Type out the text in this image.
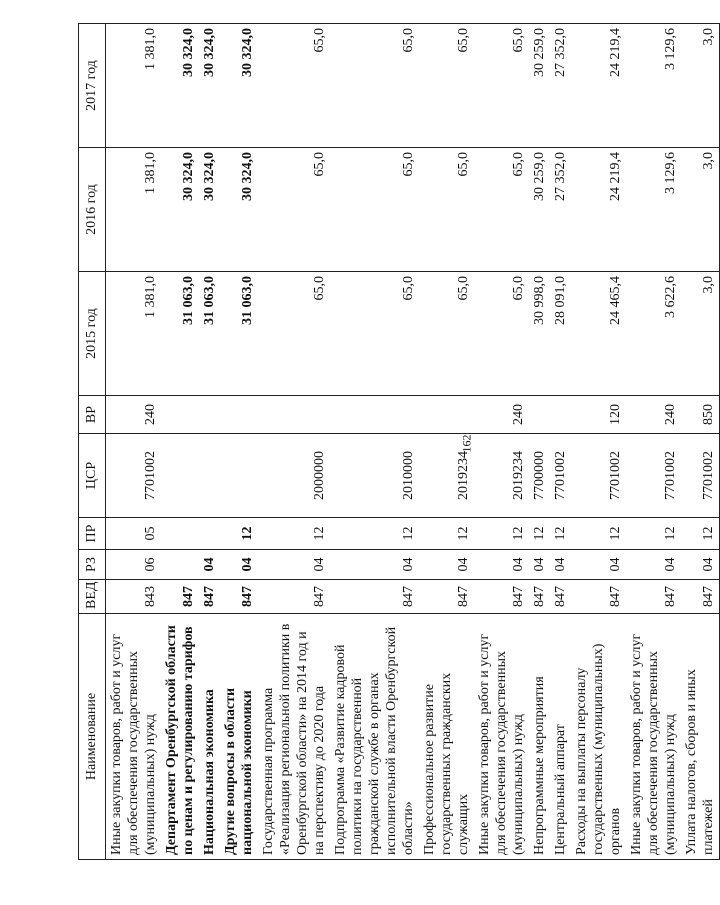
162
Наименование	ВЕД	РЗ	ПР	ЦСР	ВР	2015 год	2016 год	2017 год
Иные закупки товаров, работ и услуг для обеспечения государственных (муниципальных) нужд	843	06	05	7701002	240	1 381,0	1 381,0	1 381,0
Департамент Оренбургской области по ценам и регулированию тарифов	847					31 063,0	30 324,0	30 324,0
Национальная экономика	847	04				31 063,0	30 324,0	30 324,0
Другие вопросы в области национальной экономики	847	04	12			31 063,0	30 324,0	30 324,0
Государственная программа «Реализация региональной политики в Оренбургской области» на 2014 год и на перспективу до 2020 года	847	04	12	2000000		65,0	65,0	65,0
Подпрограмма «Развитие кадровой политики на государственной гражданской службе в органах исполнительной власти Оренбургской области»	847	04	12	2010000		65,0	65,0	65,0
Профессиональное развитие государственных гражданских служащих	847	04	12	2019234		65,0	65,0	65,0
Иные закупки товаров, работ и услуг для обеспечения государственных (муниципальных) нужд	847	04	12	2019234	240	65,0	65,0	65,0
Непрограммные мероприятия	847	04	12	7700000		30 998,0	30 259,0	30 259,0
Центральный аппарат	847	04	12	7701002		28 091,0	27 352,0	27 352,0
Расходы на выплаты персоналу государственных (муниципальных) органов	847	04	12	7701002	120	24 465,4	24 219,4	24 219,4
Иные закупки товаров, работ и услуг для обеспечения государственных (муниципальных) нужд	847	04	12	7701002	240	3 622,6	3 129,6	3 129,6
Уплата налогов, сборов и иных платежей	847	04	12	7701002	850	3,0	3,0	3,0
